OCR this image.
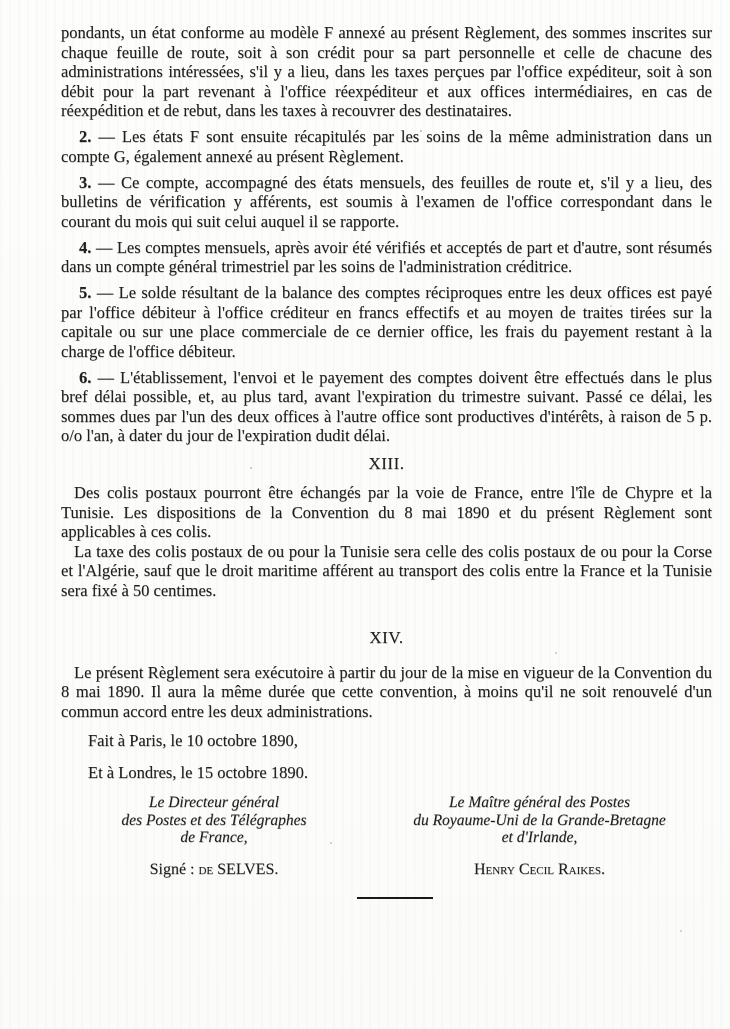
pondants, un état conforme au modèle F annexé au présent Règlement, des sommes inscrites sur chaque feuille de route, soit à son crédit pour sa part personnelle et celle de chacune des administrations intéressées, s'il y a lieu, dans les taxes perçues par l'office expéditeur, soit à son débit pour la part revenant à l'office réexpéditeur et aux offices intermédiaires, en cas de réexpédition et de rebut, dans les taxes à recouvrer des destinataires.

2. — Les états F sont ensuite récapitulés par les soins de la même administration dans un compte G, également annexé au présent Règlement.

3. — Ce compte, accompagné des états mensuels, des feuilles de route et, s'il y a lieu, des bulletins de vérification y afférents, est soumis à l'examen de l'office correspondant dans le courant du mois qui suit celui auquel il se rapporte.

4. — Les comptes mensuels, après avoir été vérifiés et acceptés de part et d'autre, sont résumés dans un compte général trimestriel par les soins de l'administration créditrice.

5. — Le solde résultant de la balance des comptes réciproques entre les deux offices est payé par l'office débiteur à l'office créditeur en francs effectifs et au moyen de traites tirées sur la capitale ou sur une place commerciale de ce dernier office, les frais du payement restant à la charge de l'office débiteur.

6. — L'établissement, l'envoi et le payement des comptes doivent être effectués dans le plus bref délai possible, et, au plus tard, avant l'expiration du trimestre suivant. Passé ce délai, les sommes dues par l'un des deux offices à l'autre office sont productives d'intérêts, à raison de 5 p. o/o l'an, à dater du jour de l'expiration dudit délai.

XIII.

Des colis postaux pourront être échangés par la voie de France, entre l'île de Chypre et la Tunisie. Les dispositions de la Convention du 8 mai 1890 et du présent Règlement sont applicables à ces colis.

La taxe des colis postaux de ou pour la Tunisie sera celle des colis postaux de ou pour la Corse et l'Algérie, sauf que le droit maritime afférent au transport des colis entre la France et la Tunisie sera fixé à 50 centimes.

XIV.

Le présent Règlement sera exécutoire à partir du jour de la mise en vigueur de la Convention du 8 mai 1890. Il aura la même durée que cette convention, à moins qu'il ne soit renouvelé d'un commun accord entre les deux administrations.

Fait à Paris, le 10 octobre 1890,

Et à Londres, le 15 octobre 1890.

Le Directeur général

des Postes et des Télégraphes

de France,

Signé : de SELVES.

Le Maître général des Postes

du Royaume-Uni de la Grande-Bretagne

et d'Irlande,

Henry Cecil Raikes.
